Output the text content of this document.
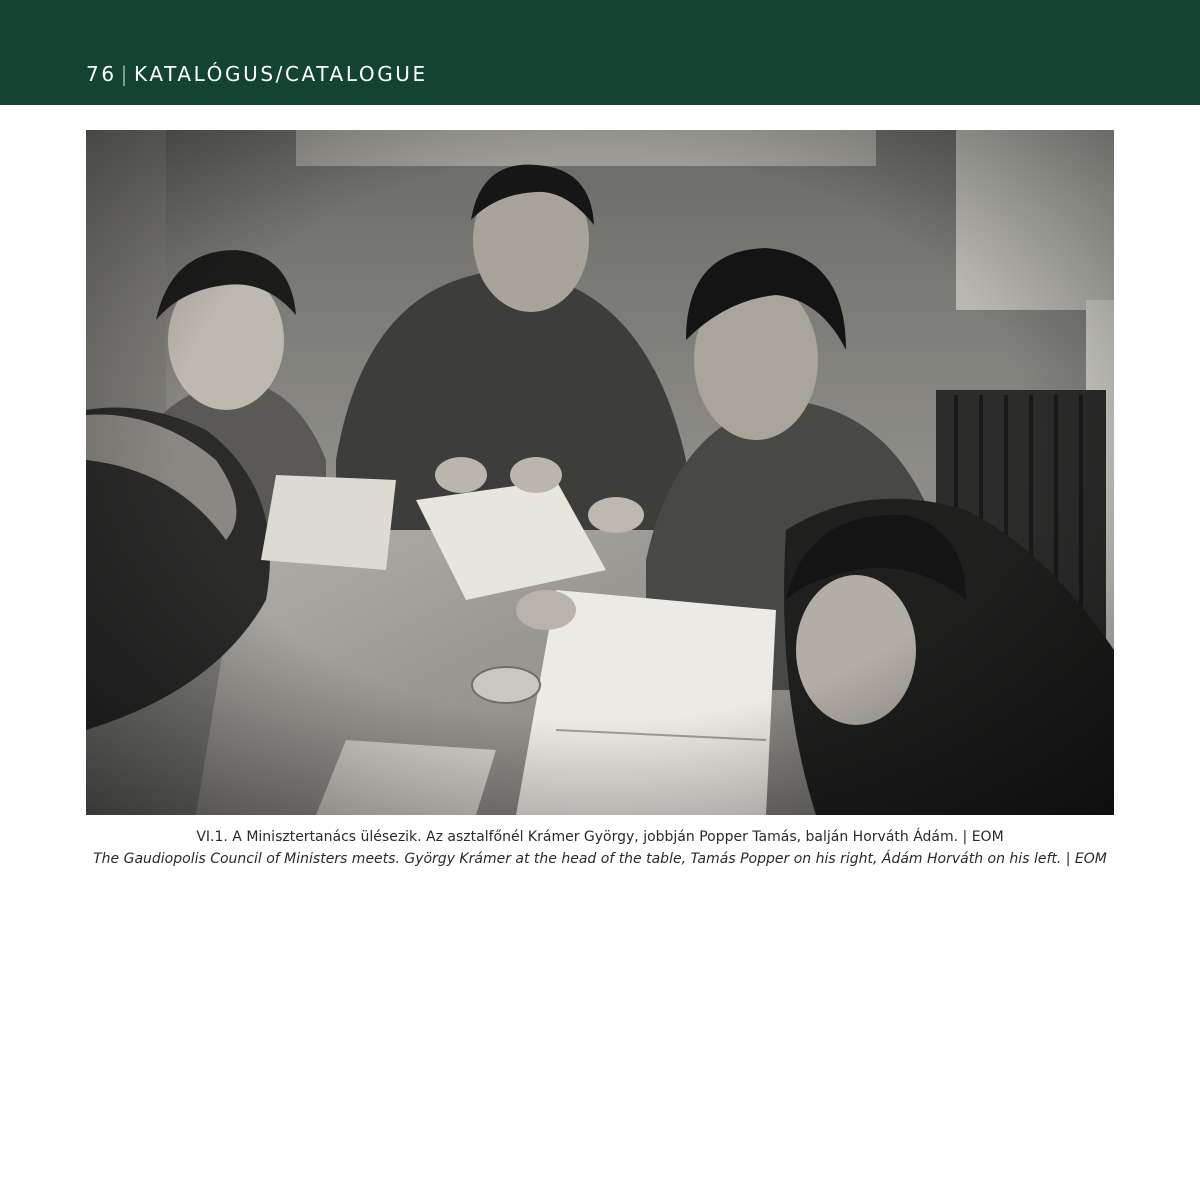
76 | KATALÓGUS/CATALOGUE
VI.1. A Minisztertanács ülésezik. Az asztalfőnél Krámer György, jobbján Popper Tamás, balján Horváth Ádám. | EOM
The Gaudiopolis Council of Ministers meets. György Krámer at the head of the table, Tamás Popper on his right, Ádám Horváth on his left. | EOM
